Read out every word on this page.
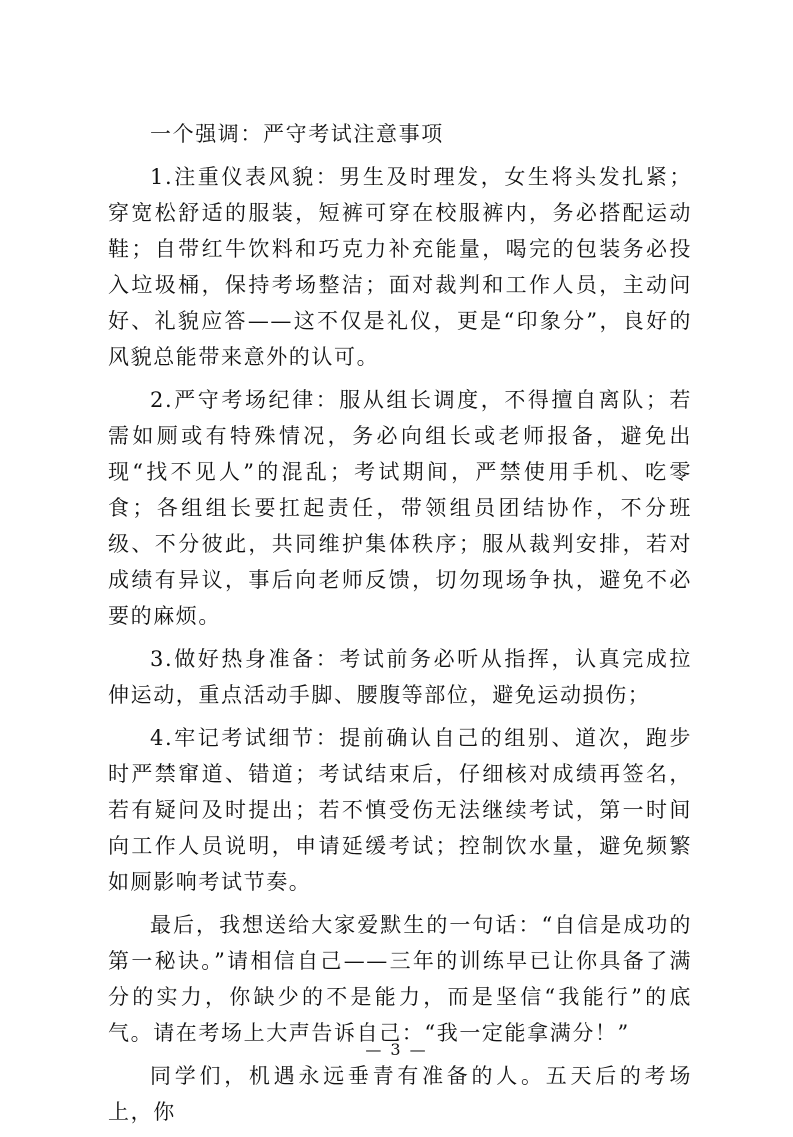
一个强调：严守考试注意事项

1.注重仪表风貌：男生及时理发，女生将头发扎紧；穿宽松舒适的服装，短裤可穿在校服裤内，务必搭配运动鞋；自带红牛饮料和巧克力补充能量，喝完的包装务必投入垃圾桶，保持考场整洁；面对裁判和工作人员，主动问好、礼貌应答——这不仅是礼仪，更是“印象分”，良好的风貌总能带来意外的认可。

2.严守考场纪律：服从组长调度，不得擅自离队；若需如厕或有特殊情况，务必向组长或老师报备，避免出现“找不见人”的混乱；考试期间，严禁使用手机、吃零食；各组组长要扛起责任，带领组员团结协作，不分班级、不分彼此，共同维护集体秩序；服从裁判安排，若对成绩有异议，事后向老师反馈，切勿现场争执，避免不必要的麻烦。

3.做好热身准备：考试前务必听从指挥，认真完成拉伸运动，重点活动手脚、腰腹等部位，避免运动损伤；

4.牢记考试细节：提前确认自己的组别、道次，跑步时严禁窜道、错道；考试结束后，仔细核对成绩再签名，若有疑问及时提出；若不慎受伤无法继续考试，第一时间向工作人员说明，申请延缓考试；控制饮水量，避免频繁如厕影响考试节奏。

最后，我想送给大家爱默生的一句话：“自信是成功的第一秘诀。”请相信自己——三年的训练早已让你具备了满分的实力，你缺少的不是能力，而是坚信“我能行”的底气。请在考场上大声告诉自己：“我一定能拿满分！”

同学们，机遇永远垂青有准备的人。五天后的考场上，你

— 3 —
